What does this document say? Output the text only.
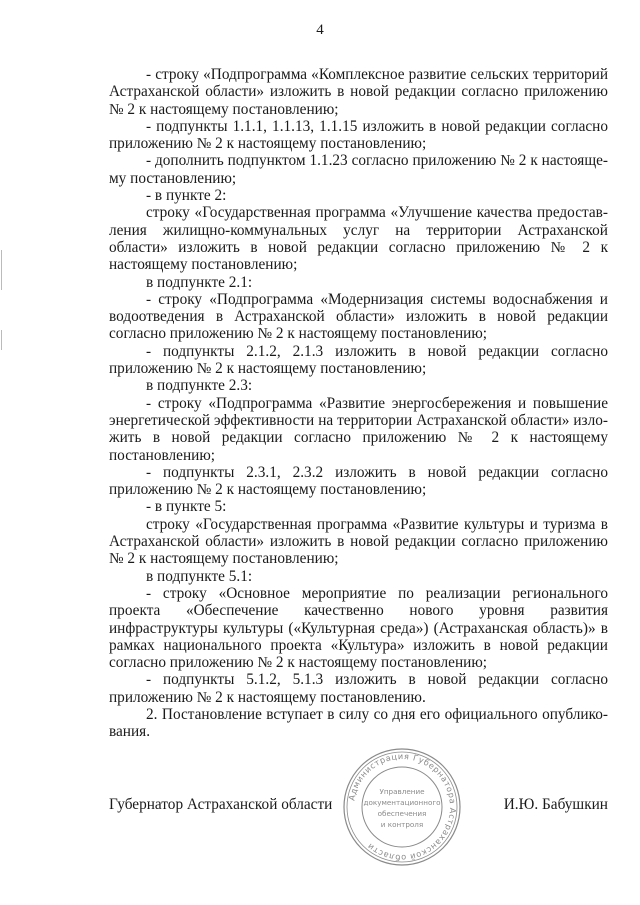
4

- строку «Подпрограмма «Комплексное развитие сельских территорий Астраханской области» изложить в новой редакции согласно приложению № 2 к настоящему постановлению;

- подпункты 1.1.1, 1.1.13, 1.1.15 изложить в новой редакции согласно приложению № 2 к настоящему постановлению;

- дополнить подпунктом 1.1.23 согласно приложению № 2 к настоящему постановлению;

- в пункте 2:

строку «Государственная программа «Улучшение качества предоставления жилищно-коммунальных услуг на территории Астраханской области» изложить в новой редакции согласно приложению № 2 к настоящему постановлению;

в подпункте 2.1:

- строку «Подпрограмма «Модернизация системы водоснабжения и водоотведения в Астраханской области» изложить в новой редакции согласно приложению № 2 к настоящему постановлению;

- подпункты 2.1.2, 2.1.3 изложить в новой редакции согласно приложению № 2 к настоящему постановлению;

в подпункте 2.3:

- строку «Подпрограмма «Развитие энергосбережения и повышение энергетической эффективности на территории Астраханской области» изложить в новой редакции согласно приложению № 2 к настоящему постановлению;

- подпункты 2.3.1, 2.3.2 изложить в новой редакции согласно приложению № 2 к настоящему постановлению;

- в пункте 5:

строку «Государственная программа «Развитие культуры и туризма в Астраханской области» изложить в новой редакции согласно приложению № 2 к настоящему постановлению;

в подпункте 5.1:

- строку «Основное мероприятие по реализации регионального проекта «Обеспечение качественно нового уровня развития инфраструктуры культуры («Культурная среда») (Астраханская область)» в рамках национального проекта «Культура» изложить в новой редакции согласно приложению № 2 к настоящему постановлению;

- подпункты 5.1.2, 5.1.3 изложить в новой редакции согласно приложению № 2 к настоящему постановлению.

2. Постановление вступает в силу со дня его официального опубликования.

Губернатор Астраханской области	И.Ю. Бабушкин
Администрация Губернатора Астраханской области
Управление
документационного
обеспечения
и контроля
